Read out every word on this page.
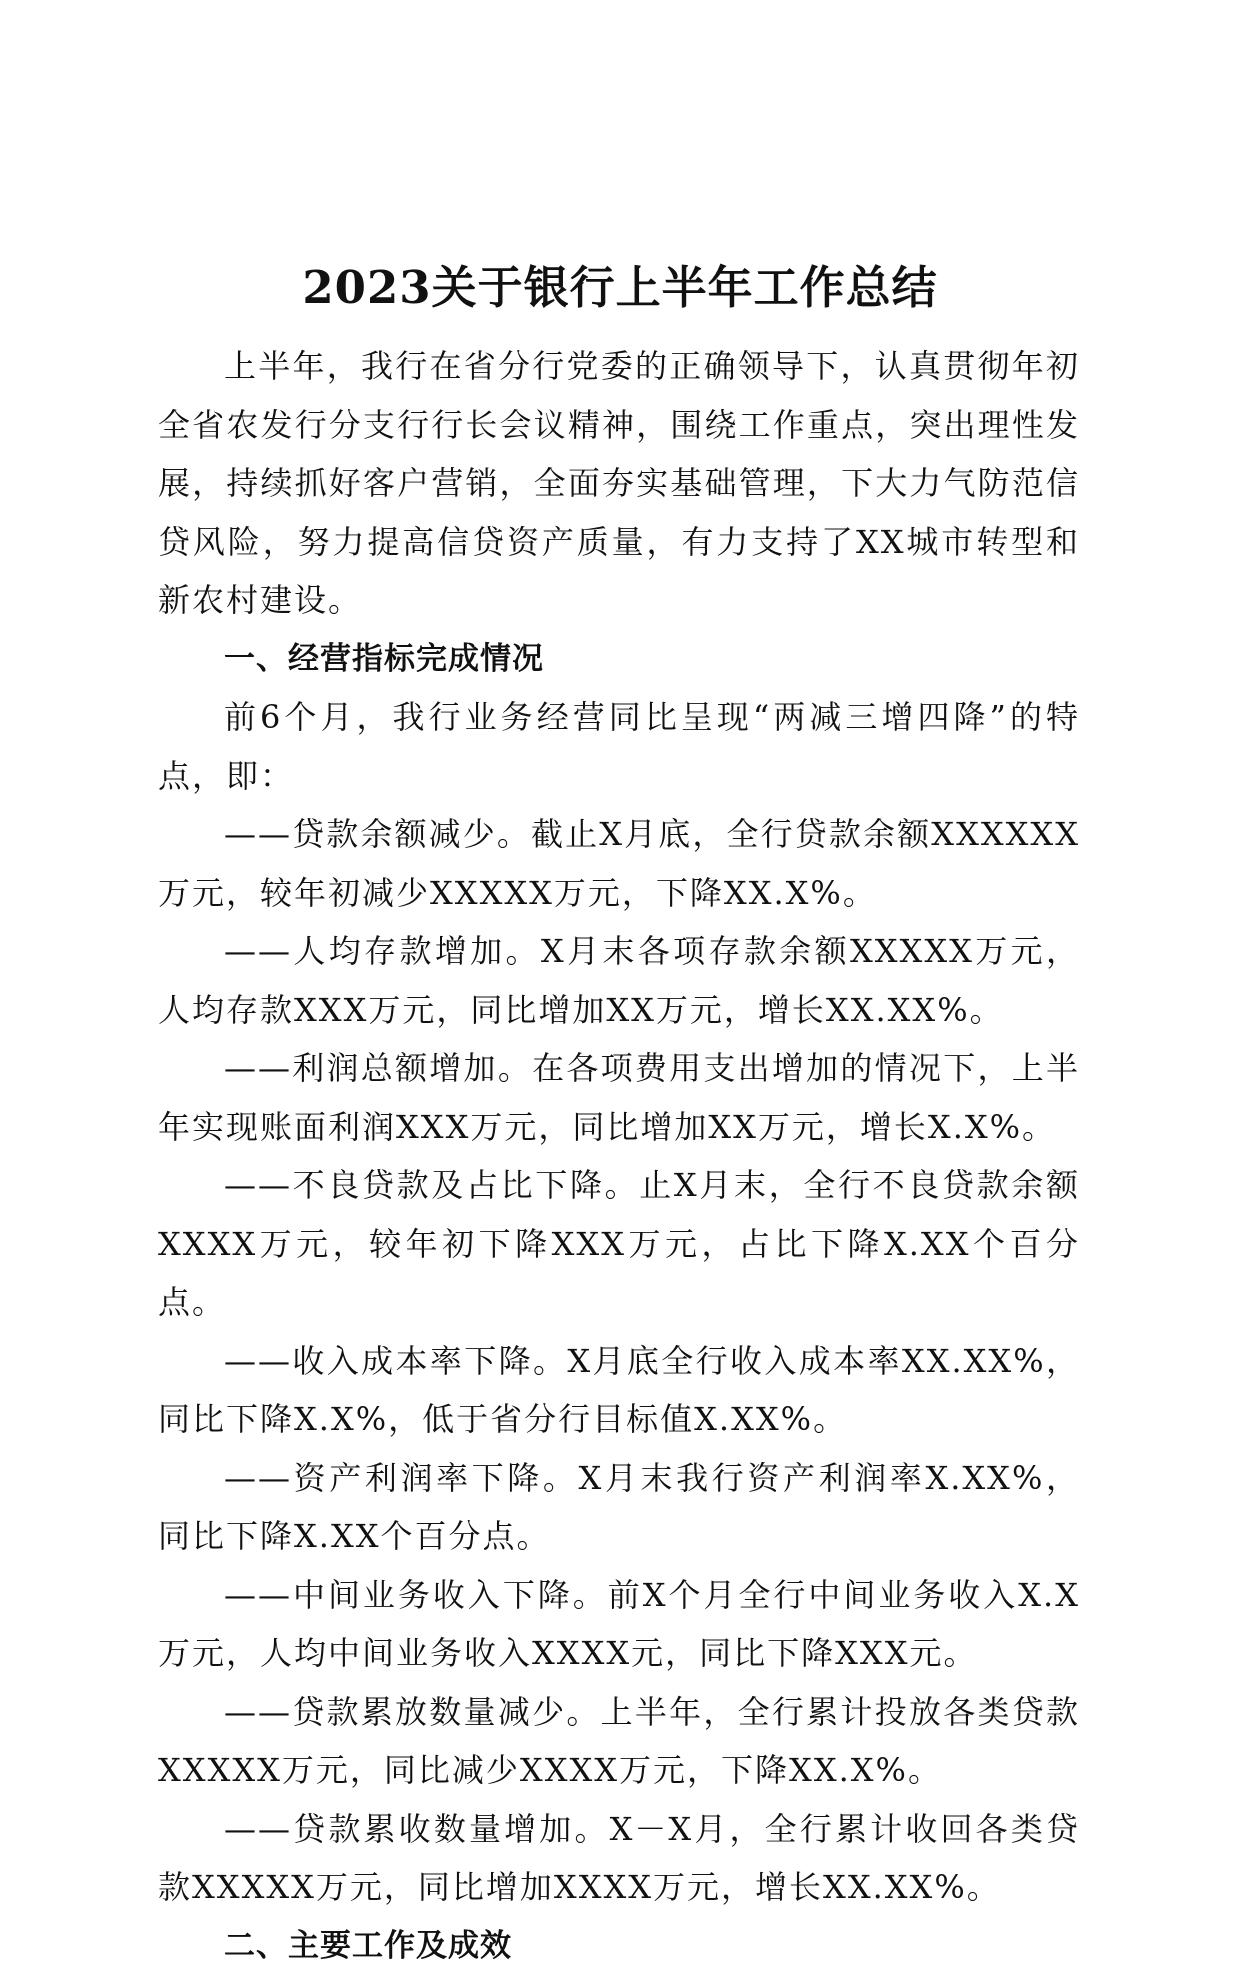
2023关于银行上半年工作总结

上半年，我行在省分行党委的正确领导下，认真贯彻年初全省农发行分支行行长会议精神，围绕工作重点，突出理性发展，持续抓好客户营销，全面夯实基础管理，下大力气防范信贷风险，努力提高信贷资产质量，有力支持了XX城市转型和新农村建设。

一、经营指标完成情况

前6个月，我行业务经营同比呈现“两减三增四降”的特点，即：

——贷款余额减少。截止X月底，全行贷款余额XXXXXX万元，较年初减少XXXXX万元，下降XX.X%。

——人均存款增加。X月末各项存款余额XXXXX万元，人均存款XXX万元，同比增加XX万元，增长XX.XX%。

——利润总额增加。在各项费用支出增加的情况下，上半年实现账面利润XXX万元，同比增加XX万元，增长X.X%。

——不良贷款及占比下降。止X月末，全行不良贷款余额XXXX万元，较年初下降XXX万元，占比下降X.XX个百分点。

——收入成本率下降。X月底全行收入成本率XX.XX%，同比下降X.X%，低于省分行目标值X.XX%。

——资产利润率下降。X月末我行资产利润率X.XX%，同比下降X.XX个百分点。

——中间业务收入下降。前X个月全行中间业务收入X.X万元，人均中间业务收入XXXX元，同比下降XXX元。

——贷款累放数量减少。上半年，全行累计投放各类贷款XXXXX万元，同比减少XXXX万元，下降XX.X%。

——贷款累收数量增加。X－X月，全行累计收回各类贷款XXXXX万元，同比增加XXXX万元，增长XX.XX%。

二、主要工作及成效
